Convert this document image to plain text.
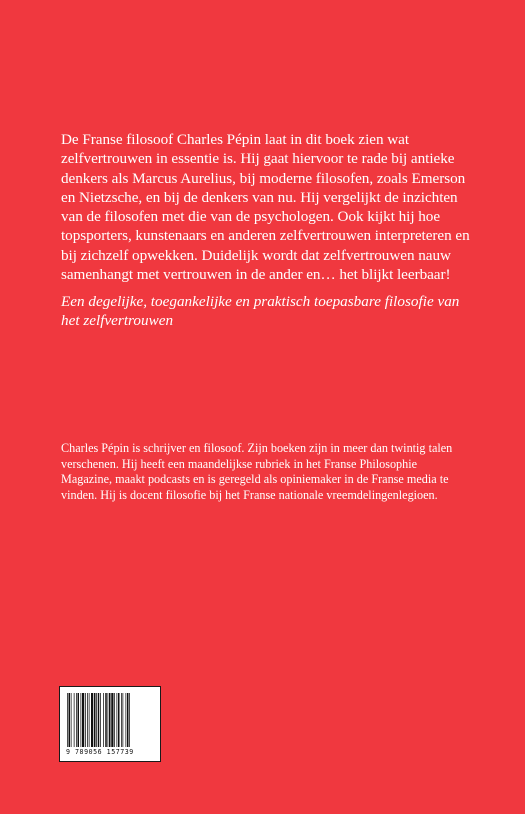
De Franse filosoof Charles Pépin laat in dit boek zien wat zelfvertrouwen in essentie is. Hij gaat hiervoor te rade bij antieke denkers als Marcus Aurelius, bij moderne filosofen, zoals Emerson en Nietzsche, en bij de denkers van nu. Hij vergelijkt de inzichten van de filosofen met die van de psychologen. Ook kijkt hij hoe topsporters, kunstenaars en anderen zelfvertrouwen interpreteren en bij zichzelf opwekken. Duidelijk wordt dat zelfvertrouwen nauw samenhangt met vertrouwen in de ander en… het blijkt leerbaar!

Een degelijke, toegankelijke en praktisch toepasbare filosofie van het zelfvertrouwen

Charles Pépin is schrijver en filosoof. Zijn boeken zijn in meer dan twintig talen verschenen. Hij heeft een maandelijkse rubriek in het Franse Philosophie Magazine, maakt podcasts en is geregeld als opiniemaker in de Franse media te vinden. Hij is docent filosofie bij het Franse nationale vreemdelingenlegioen.

9 789056 157739
